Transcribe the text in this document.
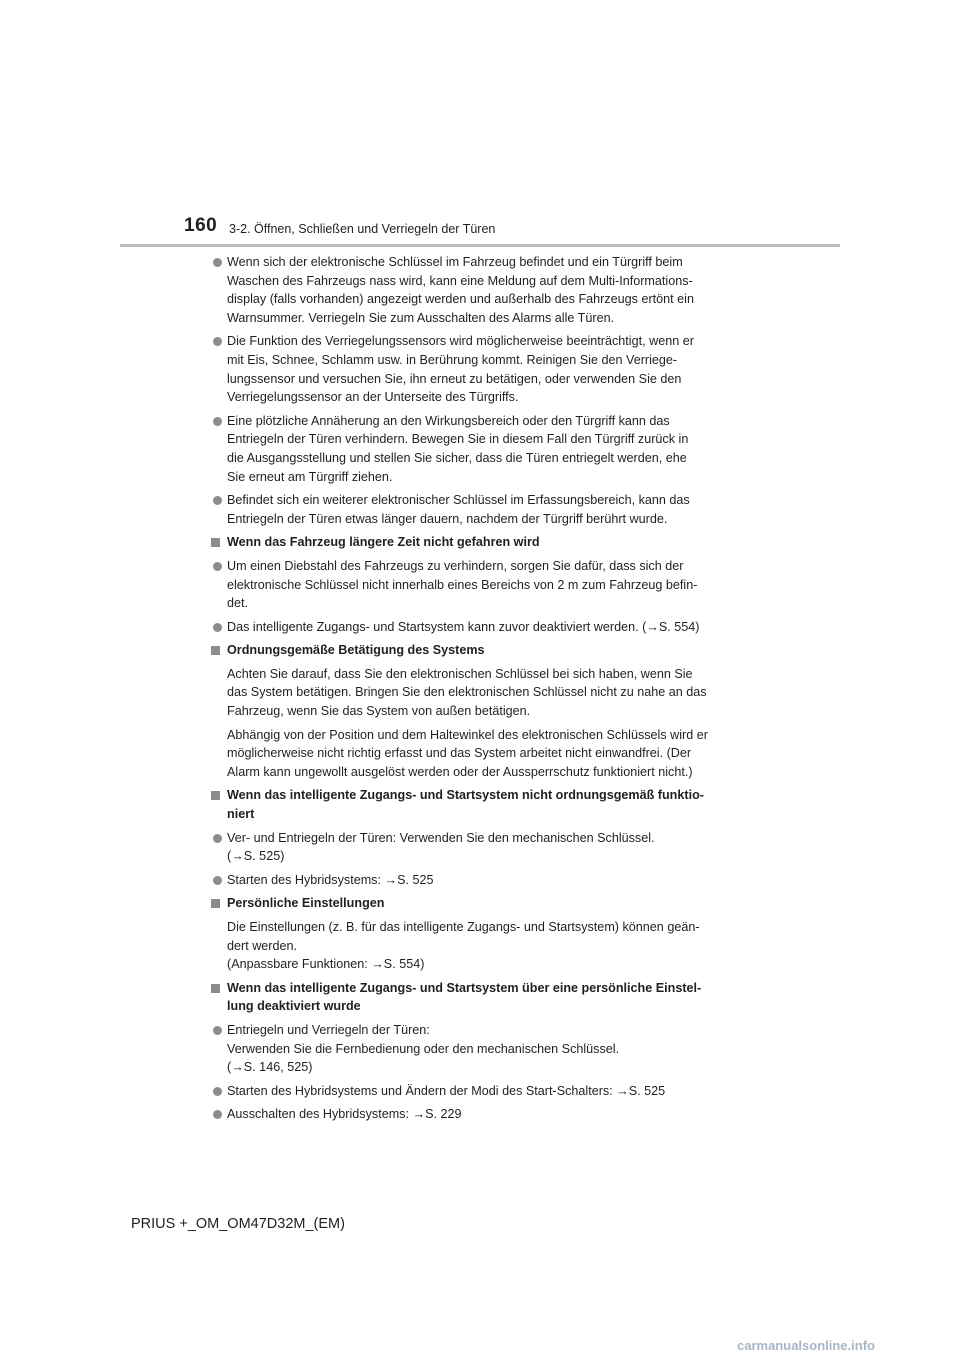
160 3-2. Öffnen, Schließen und Verriegeln der Türen
Wenn sich der elektronische Schlüssel im Fahrzeug befindet und ein Türgriff beim
Waschen des Fahrzeugs nass wird, kann eine Meldung auf dem Multi-Informations-
display (falls vorhanden) angezeigt werden und außerhalb des Fahrzeugs ertönt ein
Warnsummer. Verriegeln Sie zum Ausschalten des Alarms alle Türen.
Die Funktion des Verriegelungssensors wird möglicherweise beeinträchtigt, wenn er
mit Eis, Schnee, Schlamm usw. in Berührung kommt. Reinigen Sie den Verriege-
lungssensor und versuchen Sie, ihn erneut zu betätigen, oder verwenden Sie den
Verriegelungssensor an der Unterseite des Türgriffs.
Eine plötzliche Annäherung an den Wirkungsbereich oder den Türgriff kann das
Entriegeln der Türen verhindern. Bewegen Sie in diesem Fall den Türgriff zurück in
die Ausgangsstellung und stellen Sie sicher, dass die Türen entriegelt werden, ehe
Sie erneut am Türgriff ziehen.
Befindet sich ein weiterer elektronischer Schlüssel im Erfassungsbereich, kann das
Entriegeln der Türen etwas länger dauern, nachdem der Türgriff berührt wurde.
Wenn das Fahrzeug längere Zeit nicht gefahren wird
Um einen Diebstahl des Fahrzeugs zu verhindern, sorgen Sie dafür, dass sich der
elektronische Schlüssel nicht innerhalb eines Bereichs von 2 m zum Fahrzeug befin-
det.
Das intelligente Zugangs- und Startsystem kann zuvor deaktiviert werden. (→S. 554)
Ordnungsgemäße Betätigung des Systems
Achten Sie darauf, dass Sie den elektronischen Schlüssel bei sich haben, wenn Sie
das System betätigen. Bringen Sie den elektronischen Schlüssel nicht zu nahe an das
Fahrzeug, wenn Sie das System von außen betätigen.
Abhängig von der Position und dem Haltewinkel des elektronischen Schlüssels wird er
möglicherweise nicht richtig erfasst und das System arbeitet nicht einwandfrei. (Der
Alarm kann ungewollt ausgelöst werden oder der Aussperrschutz funktioniert nicht.)
Wenn das intelligente Zugangs- und Startsystem nicht ordnungsgemäß funktio-
niert
Ver- und Entriegeln der Türen: Verwenden Sie den mechanischen Schlüssel.
(→S. 525)
Starten des Hybridsystems: →S. 525
Persönliche Einstellungen
Die Einstellungen (z. B. für das intelligente Zugangs- und Startsystem) können geän-
dert werden.
(Anpassbare Funktionen: →S. 554)
Wenn das intelligente Zugangs- und Startsystem über eine persönliche Einstel-
lung deaktiviert wurde
Entriegeln und Verriegeln der Türen:
Verwenden Sie die Fernbedienung oder den mechanischen Schlüssel.
(→S. 146, 525)
Starten des Hybridsystems und Ändern der Modi des Start-Schalters: →S. 525
Ausschalten des Hybridsystems: →S. 229
PRIUS +_OM_OM47D32M_(EM)
carmanualsonline.info
